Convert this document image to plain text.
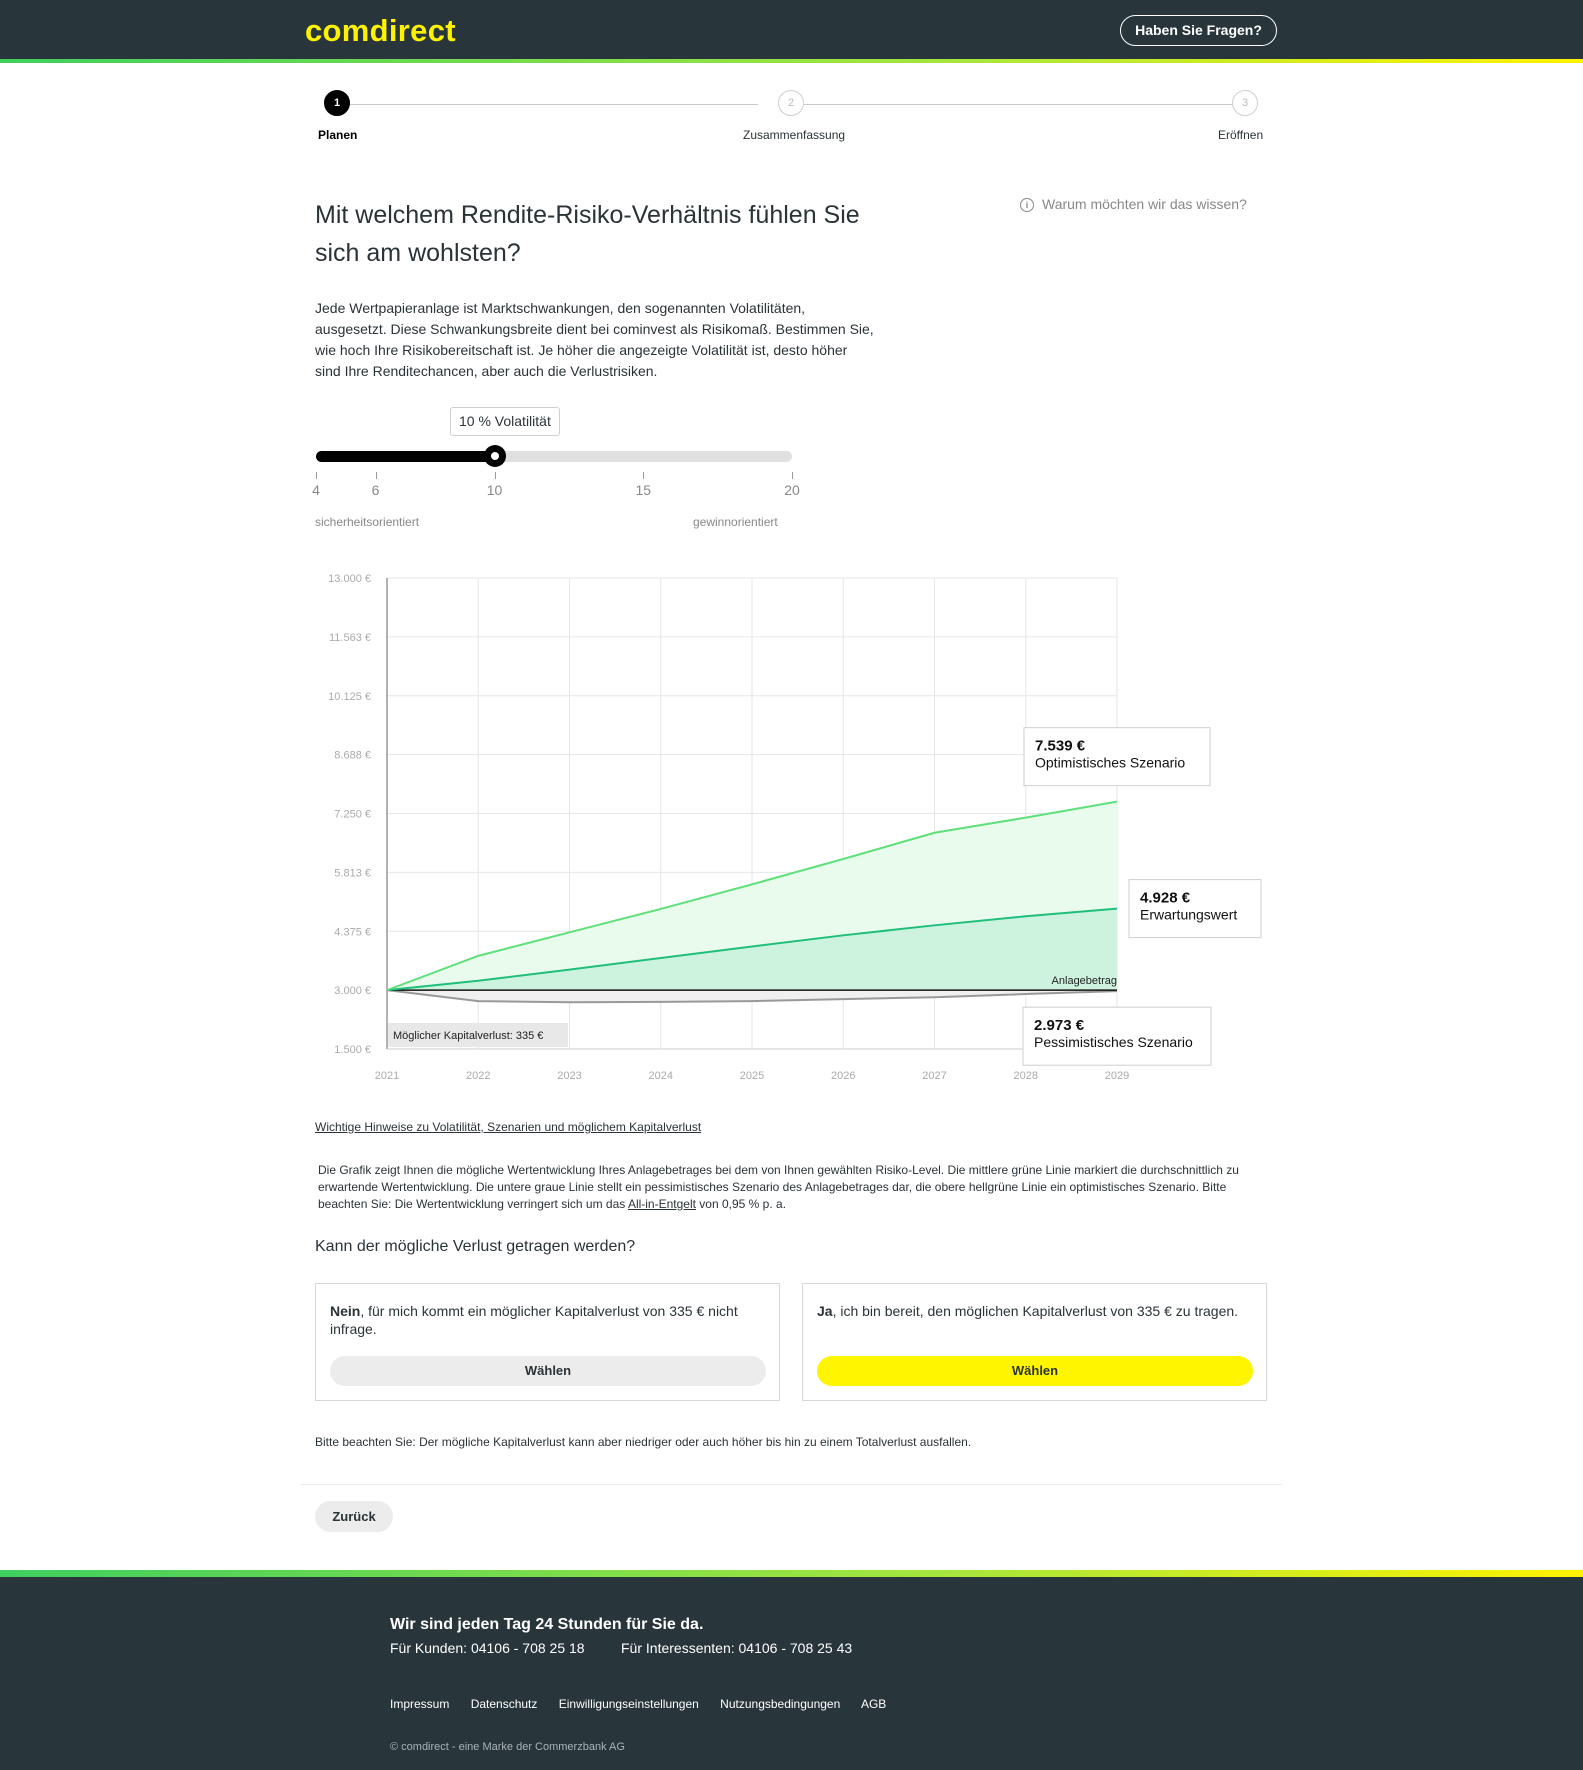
comdirect	Haben Sie Fragen?
1	2	3
Planen	Zusammenfassung	Eröffnen
Mit welchem Rendite-Risiko-Verhältnis fühlen Sie sich am wohlsten?
i Warum möchten wir das wissen?
Jede Wertpapieranlage ist Marktschwankungen, den sogenannten Volatilitäten, ausgesetzt. Diese Schwankungsbreite dient bei cominvest als Risikomaß. Bestimmen Sie, wie hoch Ihre Risikobereitschaft ist. Je höher die angezeigte Volatilität ist, desto höher sind Ihre Renditechancen, aber auch die Verlustrisiken.
10 % Volatilität
4	6	10	15	20
sicherheitsorientiert	gewinnorientiert
13.000 €
11.563 €
10.125 €
8.688 €
7.250 €
5.813 €
4.375 €
3.000 €
1.500 €
2021	2022	2023	2024	2025	2026	2027	2028	2029
Anlagebetrag
Möglicher Kapitalverlust: 335 €
7.539 €
Optimistisches Szenario
4.928 €
Erwartungswert
2.973 €
Pessimistisches Szenario
Wichtige Hinweise zu Volatilität, Szenarien und möglichem Kapitalverlust
Die Grafik zeigt Ihnen die mögliche Wertentwicklung Ihres Anlagebetrages bei dem von Ihnen gewählten Risiko-Level. Die mittlere grüne Linie markiert die durchschnittlich zu erwartende Wertentwicklung. Die untere graue Linie stellt ein pessimistisches Szenario des Anlagebetrages dar, die obere hellgrüne Linie ein optimistisches Szenario. Bitte beachten Sie: Die Wertentwicklung verringert sich um das All-in-Entgelt von 0,95 % p. a.
Kann der mögliche Verlust getragen werden?
Nein, für mich kommt ein möglicher Kapitalverlust von 335 € nicht infrage.
Wählen
Ja, ich bin bereit, den möglichen Kapitalverlust von 335 € zu tragen.
Wählen
Bitte beachten Sie: Der mögliche Kapitalverlust kann aber niedriger oder auch höher bis hin zu einem Totalverlust ausfallen.
Zurück
Wir sind jeden Tag 24 Stunden für Sie da.
Für Kunden: 04106 - 708 25 18	Für Interessenten: 04106 - 708 25 43
Impressum Datenschutz Einwilligungseinstellungen Nutzungsbedingungen AGB
© comdirect - eine Marke der Commerzbank AG
